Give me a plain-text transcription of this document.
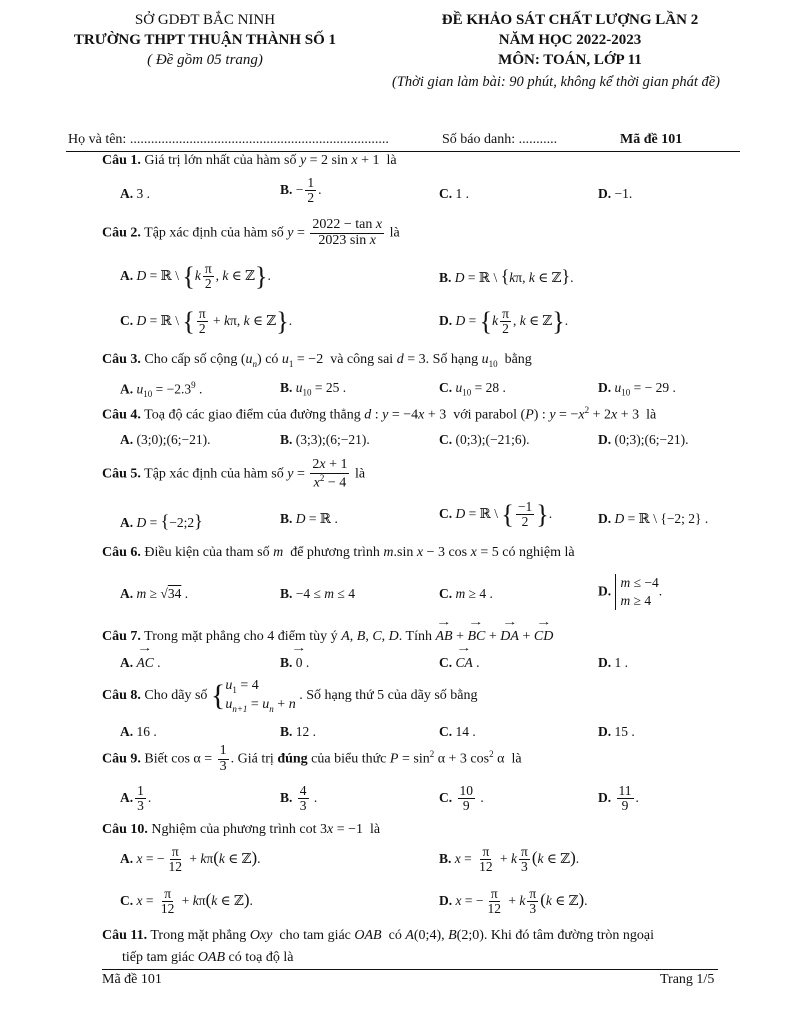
SỞ GDĐT BẮC NINH
TRƯỜNG THPT THUẬN THÀNH SỐ 1
( Đề gồm 05 trang)
ĐỀ KHẢO SÁT CHẤT LƯỢNG LẦN 2
NĂM HỌC 2022-2023
MÔN: TOÁN, LỚP 11
(Thời gian làm bài: 90 phút, không kể thời gian phát đề)
Họ và tên: ..........................................................................	Số báo danh: ...........	Mã đề 101
Câu 1. Giá trị lớn nhất của hàm số y = 2 sin x + 1  là
A. 3 .	B. − $\frac{1}{2}$ .	C. 1 .	D. −1.
Câu 2. Tập xác định của hàm số $y = \frac{\text{2022 − tan x}}{\text{2023 sin x}}$ là
A. D = ℝ \ {$k \frac{\pi}{2}$ , k ∈ ℤ}.	B. D = ℝ \ {kπ, k ∈ ℤ}.
C. D = ℝ \ { $\frac{\pi}{2} + k\pi$, k ∈ ℤ}.	D. $D = \{k \frac{\pi}{2}$ , k ∈ ℤ}.
Câu 3. Cho cấp số cộng $(u_n)$ có $u_1 = -2$  và công sai d = 3. Số hạng $u_{10}$ bằng
A. $u_{10} = -2.3^9$ .	B. $u_{10} = 25$ .	C. $u_{10} = 28$ .	D. $u_{10}$ = − 29 .
Câu 4. Toạ độ các giao điểm của đường thẳng d : y = −4x + 3  với parabol (P) : $y = -x^2 + 2x + 3$  là
A. (3;0);(6;−21).	B. (3;3);(6;−21).	C. (0;3);(−21;6).	D. (0;3);(6;−21).
Câu 5. Tập xác định của hàm số $y = \frac{2x + 1}{x^2 - 4}$ là
A. D = {−2;2}	B. D = ℝ .	C. D = ℝ \ { $\frac{-1}{2}$ }.	D. D = ℝ \ {−2; 2} .
Câu 6. Điều kiện của tham số m để phương trình m.sin x − 3 cos x = 5 có nghiệm là
A. m ≥ √34 .	B. −4 ≤ m ≤ 4	C. m ≥ 4 .	D.
m ≤ −4
m ≥ 4
.
Câu 7. Trong mặt phẳng cho 4 điểm tùy ý A, B, C, D. Tính → AB + → BC + → DA + → CD
A. → AC .	B. → 0 .	C. → CA .	D. 1 .
Câu 8. Cho dãy số { $u_1 = 4$
$u_{n+1} = u_n + n$
. Số hạng thứ 5 của dãy số bằng
A. 16 .	B. 12 .	C. 14 .	D. 15 .
Câu 9. Biết $\cos \alpha = \frac{1}{3}$ . Giá trị đúng của biểu thức $P = \sin^2 \alpha + 3$ $\cos^2 \alpha$  là
A. $\frac{1}{3}$ .	B. $\frac{4}{3}$ .	C. $\frac{10}{9}$ .	D. $\frac{11}{9}$ .
Câu 10. Nghiệm của phương trình cot 3x = −1  là
A. x = − $\frac{\pi}{12} + k\pi(k$ ∈ ℤ).	B. $x = \frac{\pi}{12} + k \frac{\pi}{3} (k$ ∈ ℤ).
C. $x = \frac{\pi}{12} + k\pi(k$ ∈ ℤ).	D. x = − $\frac{\pi}{12} + k \frac{\pi}{3} (k$ ∈ ℤ).
Câu 11. Trong mặt phẳng Oxy cho tam giác OAB có A(0;4), B(2;0). Khi đó tâm đường tròn ngoại
tiếp tam giác OAB có toạ độ là
Mã đề 101	Trang 1/5
